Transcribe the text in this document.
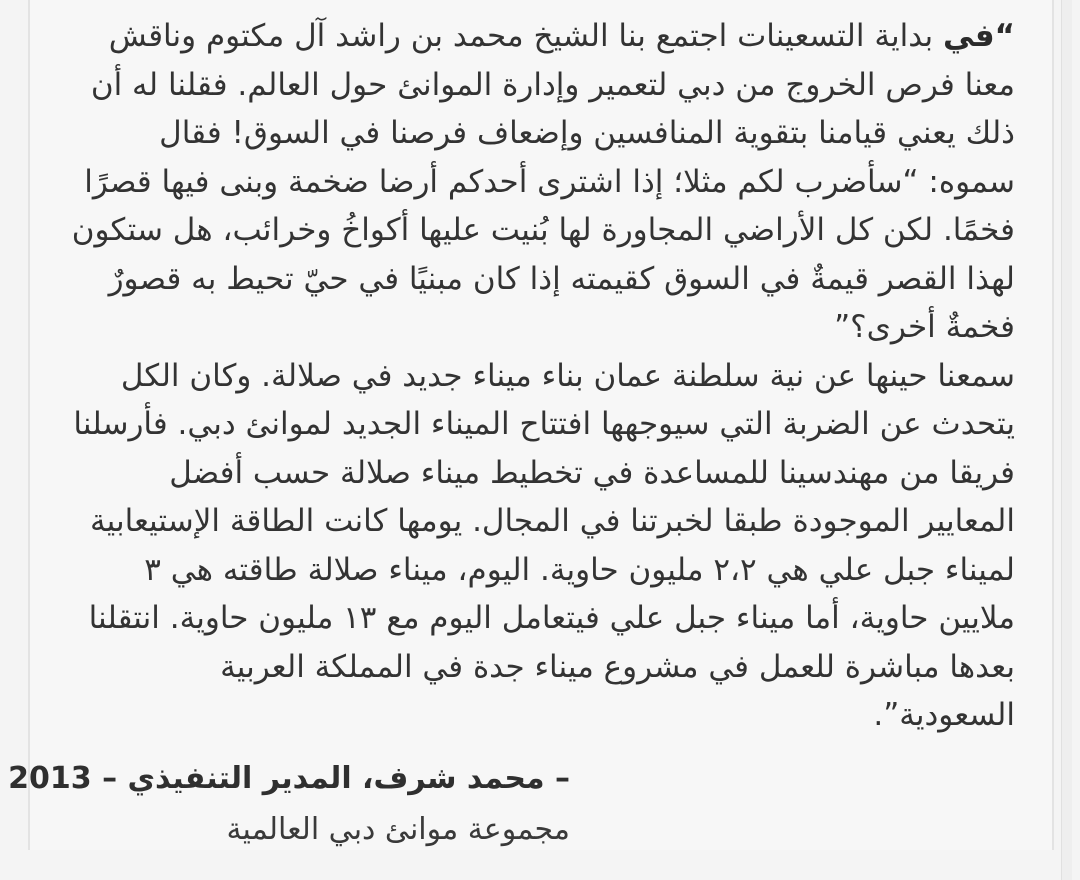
“في بداية التسعينات اجتمع بنا الشيخ محمد بن راشد آل مكتوم وناقش معنا فرص الخروج من دبي لتعمير وإدارة الموانئ حول العالم. فقلنا له أن ذلك يعني قيامنا بتقوية المنافسين وإضعاف فرصنا في السوق! فقال سموه: “سأضرب لكم مثلا؛ إذا اشترى أحدكم أرضا ضخمة وبنى فيها قصرًا فخمًا. لكن كل الأراضي المجاورة لها بُنيت عليها أكواخُ وخرائب، هل ستكون لهذا القصر قيمةٌ في السوق كقيمته إذا كان مبنيًا في حيّ تحيط به قصورٌ فخمةٌ أخرى؟”

سمعنا حينها عن نية سلطنة عمان بناء ميناء جديد في صلالة. وكان الكل يتحدث عن الضربة التي سيوجهها افتتاح الميناء الجديد لموانئ دبي. فأرسلنا فريقا من مهندسينا للمساعدة في تخطيط ميناء صلالة حسب أفضل المعايير الموجودة طبقا لخبرتنا في المجال. يومها كانت الطاقة الإستيعابية لميناء جبل علي هي ٢،٢ مليون حاوية. اليوم، ميناء صلالة طاقته هي ٣ ملايين حاوية، أما ميناء جبل علي فيتعامل اليوم مع ١٣ مليون حاوية. انتقلنا بعدها مباشرة للعمل في مشروع ميناء جدة في المملكة العربية السعودية”.

– محمد شرف، المدير التنفيذي – 2013
مجموعة موانئ دبي العالمية
